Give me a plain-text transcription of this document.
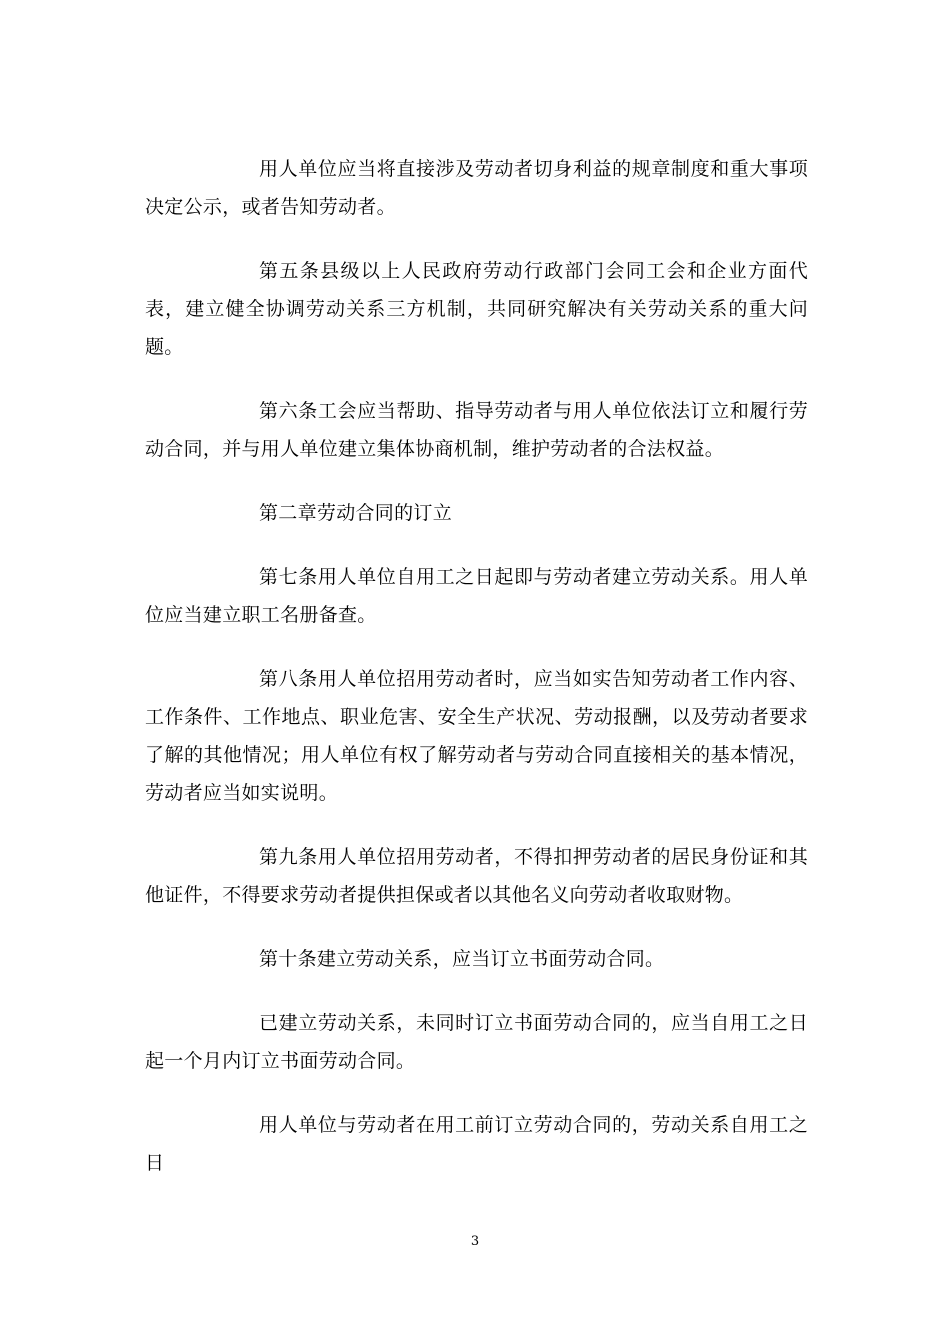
用人单位应当将直接涉及劳动者切身利益的规章制度和重大事项决定公示，或者告知劳动者。

第五条县级以上人民政府劳动行政部门会同工会和企业方面代表，建立健全协调劳动关系三方机制，共同研究解决有关劳动关系的重大问题。

第六条工会应当帮助、指导劳动者与用人单位依法订立和履行劳动合同，并与用人单位建立集体协商机制，维护劳动者的合法权益。

第二章劳动合同的订立

第七条用人单位自用工之日起即与劳动者建立劳动关系。用人单位应当建立职工名册备查。

第八条用人单位招用劳动者时，应当如实告知劳动者工作内容、工作条件、工作地点、职业危害、安全生产状况、劳动报酬，以及劳动者要求了解的其他情况；用人单位有权了解劳动者与劳动合同直接相关的基本情况，劳动者应当如实说明。

第九条用人单位招用劳动者，不得扣押劳动者的居民身份证和其他证件，不得要求劳动者提供担保或者以其他名义向劳动者收取财物。

第十条建立劳动关系，应当订立书面劳动合同。

已建立劳动关系，未同时订立书面劳动合同的，应当自用工之日起一个月内订立书面劳动合同。

用人单位与劳动者在用工前订立劳动合同的，劳动关系自用工之日

3
